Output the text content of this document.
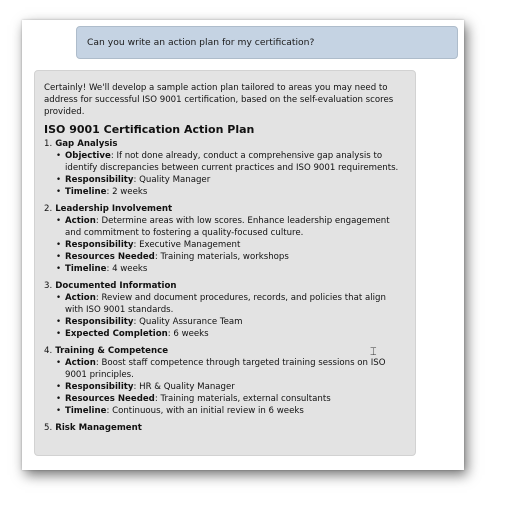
Can you write an action plan for my certification?

Certainly! We'll develop a sample action plan tailored to areas you may need to address for successful ISO 9001 certification, based on the self-evaluation scores provided.

ISO 9001 Certification Action Plan
1. Gap Analysis
• Objective: If not done already, conduct a comprehensive gap analysis to identify discrepancies between current practices and ISO 9001 requirements.
• Responsibility: Quality Manager
• Timeline: 2 weeks
2. Leadership Involvement
• Action: Determine areas with low scores. Enhance leadership engagement and commitment to fostering a quality-focused culture.
• Responsibility: Executive Management
• Resources Needed: Training materials, workshops
• Timeline: 4 weeks
3. Documented Information
• Action: Review and document procedures, records, and policies that align with ISO 9001 standards.
• Responsibility: Quality Assurance Team
• Expected Completion: 6 weeks
4. Training & Competence
• Action: Boost staff competence through targeted training sessions on ISO 9001 principles.
• Responsibility: HR & Quality Manager
• Resources Needed: Training materials, external consultants
• Timeline: Continuous, with an initial review in 6 weeks
5. Risk Management
⌶
